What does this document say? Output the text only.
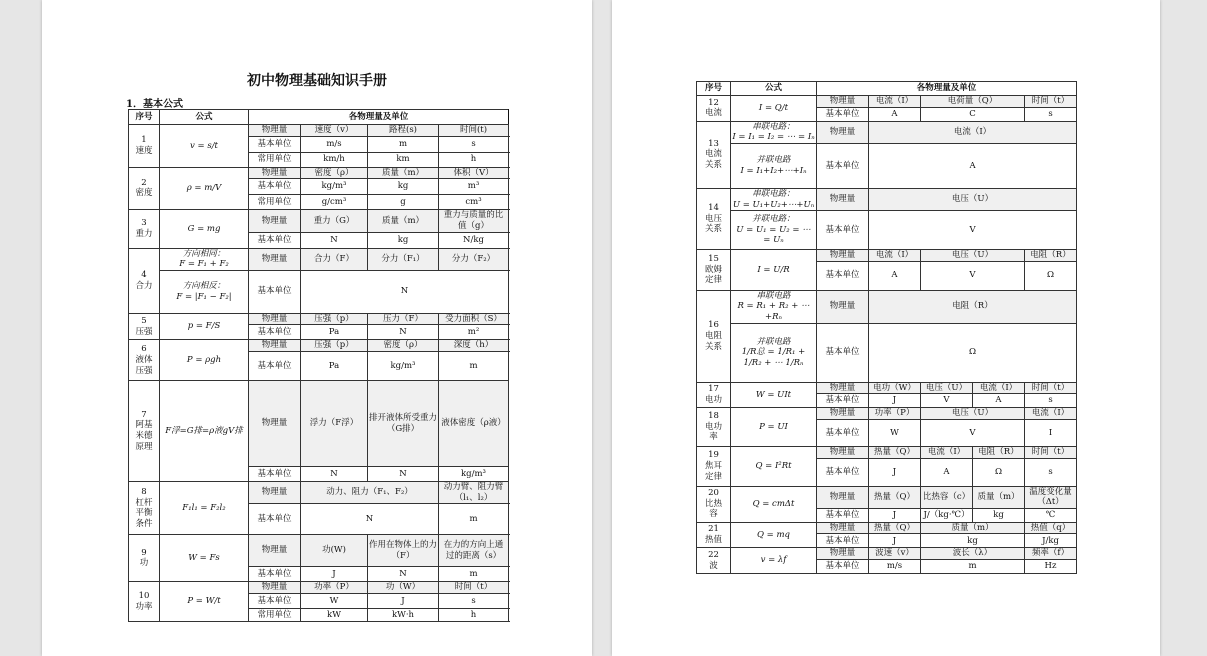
初中物理基础知识手册
1．基本公式
序号	公式	各物理量及单位				
1
速度	v = s/t	物理量	速度（v）	路程(s)	时间(t)	
		基本单位	m/s	m	s	
		常用单位	km/h	km	h	
2
密度	ρ = m/V	物理量	密度（ρ）	质量（m）	体积（V）	
		基本单位	kg/m³	kg	m³	
		常用单位	g/cm³	g	cm³	
3
重力	G = mg	物理量	重力（G）	质量（m）	重力与质量的比值（g）	
		基本单位	N	kg	N/kg	
4
合力	方向相同：
F = F₁ + F₂	物理量	合力（F）	分力（F₁）	分力（F₂）	
	方向相反：
F = |F₁ − F₂|	基本单位	N			
5
压强	p = F/S	物理量	压强（p）	压力（F）	受力面积（S）	
		基本单位	Pa	N	m²	
6
液体
压强	P = ρgh	物理量	压强（p）	密度（ρ）	深度（h）	
		基本单位	Pa	kg/m³	m	
7
阿基
米德
原理	F浮=G排=ρ液gV排	物理量	浮力（F浮）	排开液体所受重力（G排）	液体密度（ρ液）	
		基本单位	N	N	kg/m³	
8
杠杆
平衡
条件	F₁l₁ = F₂l₂	物理量	动力、阻力（F₁、F₂）		动力臂、阻力臂（l₁、l₂）	
		基本单位	N		m	
9
功	W = Fs	物理量	功(W)	作用在物体上的力（F）	在力的方向上通过的距离（s）	
		基本单位	J	N	m	
10
功率	P = W/t	物理量	功率（P）	功（W）	时间（t）	
		基本单位	W	J	s	
		常用单位	kW	kW·h	h	
序号	公式	各物理量及单位				
12
电流	I = Q/t	物理量	电流（I）	电荷量（Q）		时间（t）
		基本单位	A	C		s
13
电流
关系	串联电路：
I = I₁ = I₂ = ⋯ = Iₙ	物理量	电流（I）			
	并联电路
I = I₁+I₂+⋯+Iₙ	基本单位	A			
14
电压
关系	串联电路：
U = U₁+U₂+⋯+Uₙ	物理量	电压（U）			
	并联电路：
U = U₁ = U₂ = ⋯ = Uₙ	基本单位	V			
15
欧姆
定律	I = U/R	物理量	电流（I）	电压（U）		电阻（R）
		基本单位	A	V		Ω
16
电阻
关系	串联电路
R = R₁ + R₂ + ⋯+Rₙ	物理量	电阻（R）			
	并联电路
1/R总 = 1/R₁ + 1/R₂ + ⋯ 1/Rₙ	基本单位	Ω			
17
电功	W = UIt	物理量	电功（W）	电压（U）	电流（I）	时间（t）
		基本单位	J	V	A	s
18
电功
率	P = UI	物理量	功率（P）	电压（U）		电流（I）
		基本单位	W	V		I
19
焦耳
定律	Q = I²Rt	物理量	热量（Q）	电流（I）	电阻（R）	时间（t）
		基本单位	J	A	Ω	s
20
比热
容	Q = cmΔt	物理量	热量（Q）	比热容（c）	质量（m）	温度变化量（Δt）
		基本单位	J	J/（kg·℃）	kg	℃
21
热值	Q = mq	物理量	热量（Q）	质量（m）		热值（q）
		基本单位	J	kg		J/kg
22
波	v = λf	物理量	波速（v）	波长（λ）		频率（f）
		基本单位	m/s	m		Hz
